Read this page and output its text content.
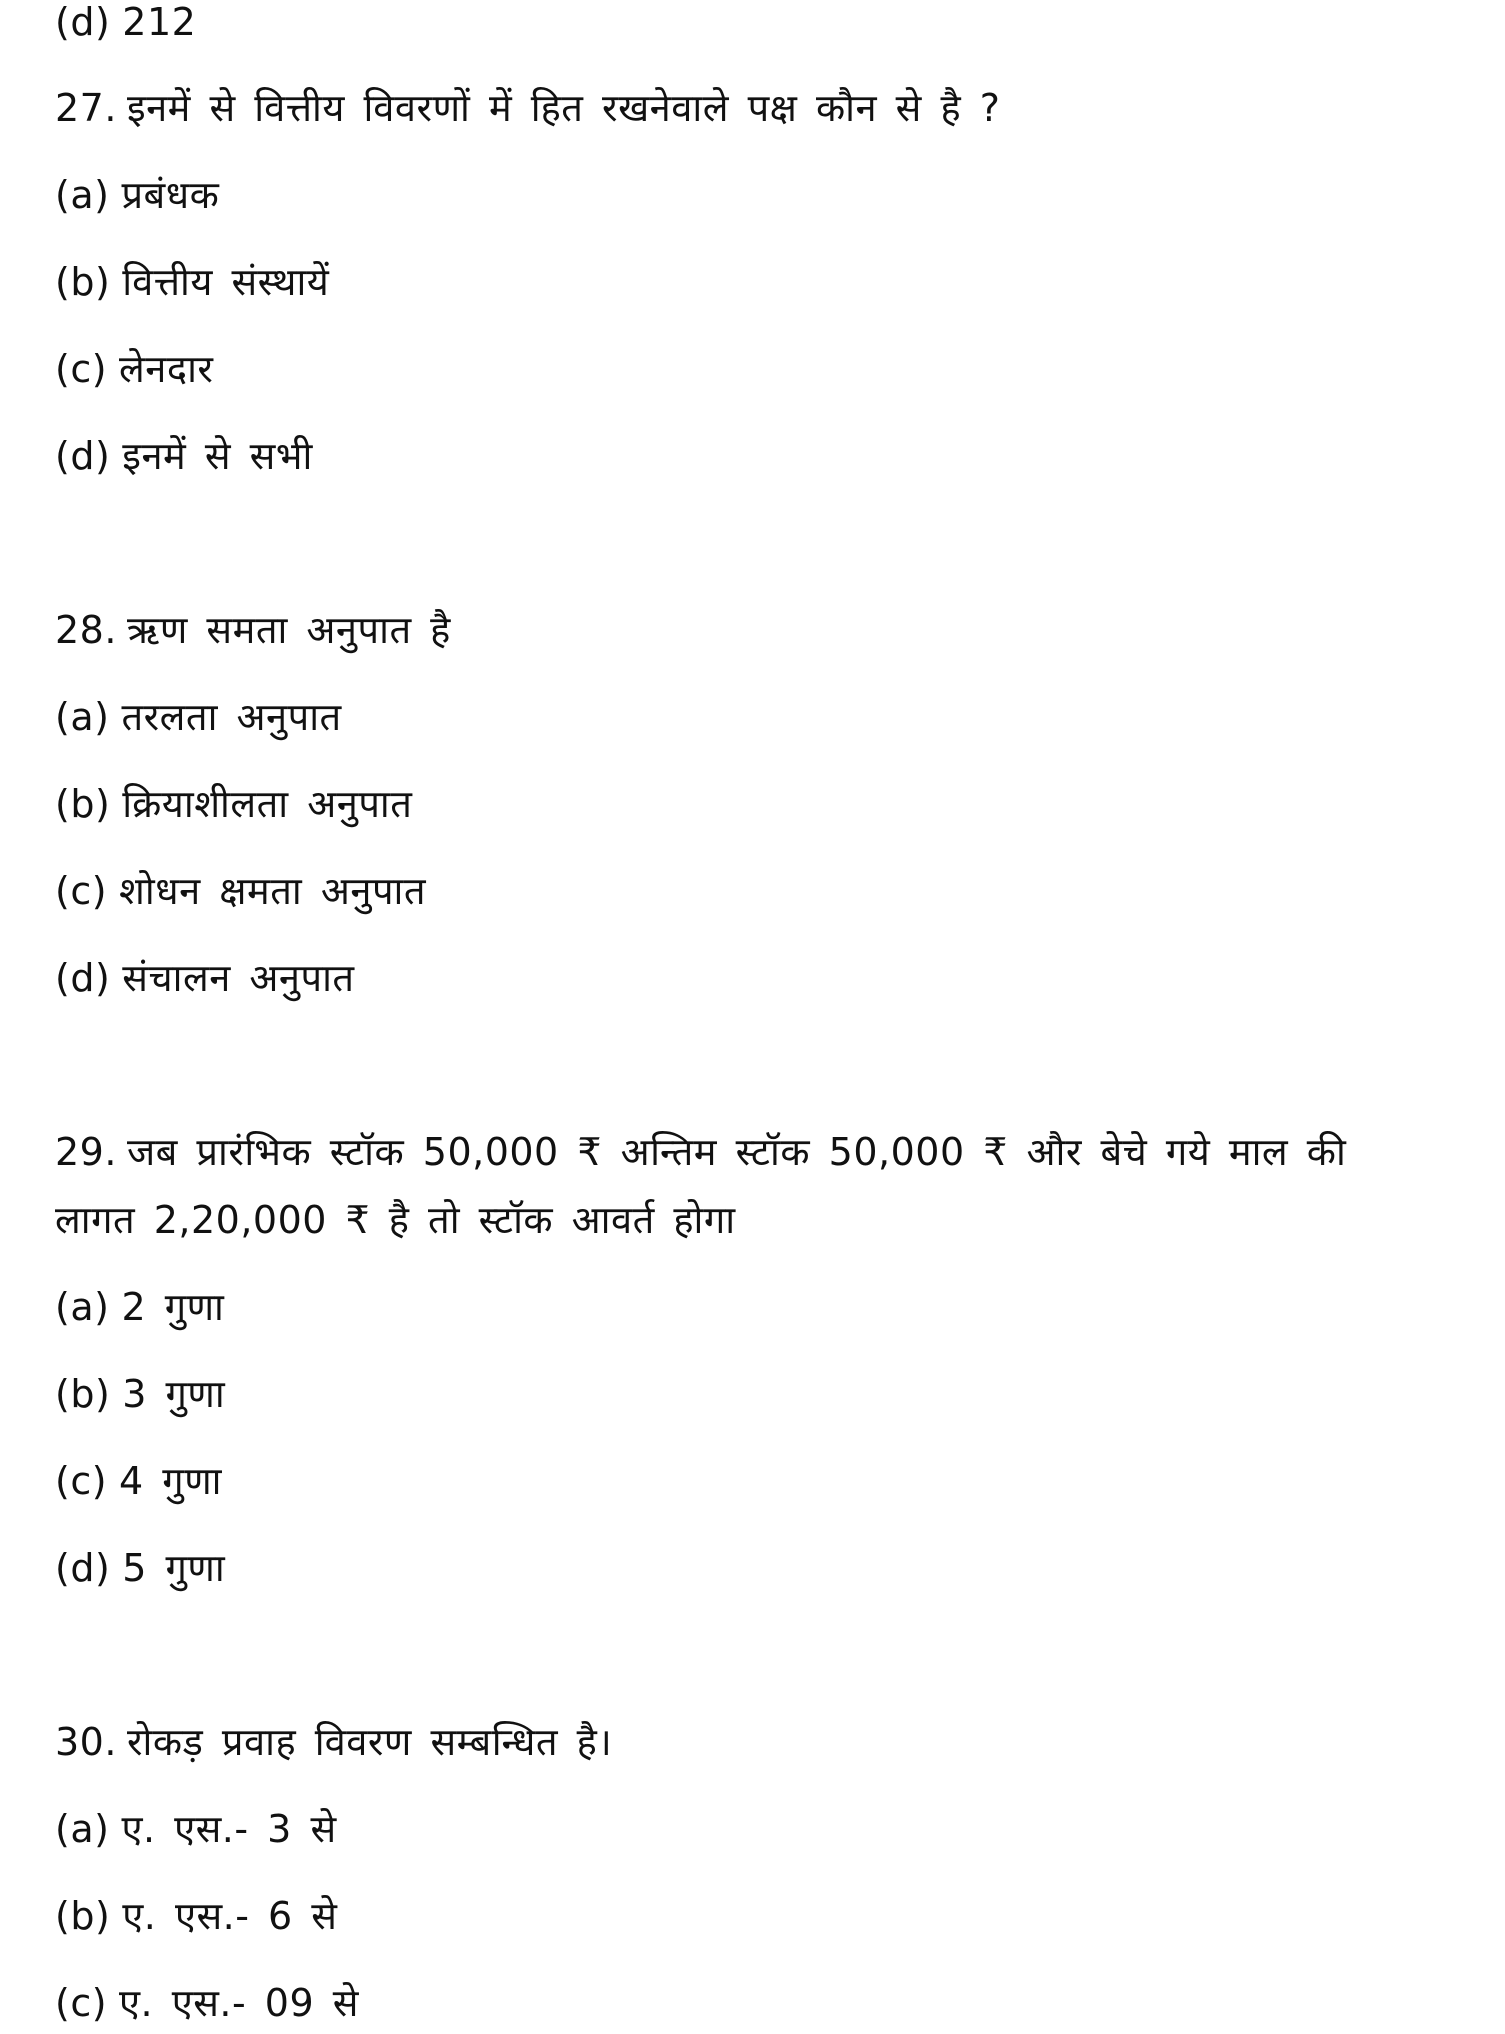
(d) 212
27. इनमें से वित्तीय विवरणों में हित रखनेवाले पक्ष कौन से है ?
(a) प्रबंधक
(b) वित्तीय संस्थायें
(c) लेनदार
(d) इनमें से सभी
28. ऋण समता अनुपात है
(a) तरलता अनुपात
(b) क्रियाशीलता अनुपात
(c) शोधन क्षमता अनुपात
(d) संचालन अनुपात
29. जब प्रारंभिक स्टॉक 50,000 ₹ अन्तिम स्टॉक 50,000 ₹ और बेचे गये माल की
लागत 2,20,000 ₹ है तो स्टॉक आवर्त होगा
(a) 2 गुणा
(b) 3 गुणा
(c) 4 गुणा
(d) 5 गुणा
30. रोकड़ प्रवाह विवरण सम्बन्धित है।
(a) ए. एस.- 3 से
(b) ए. एस.- 6 से
(c) ए. एस.- 09 से
